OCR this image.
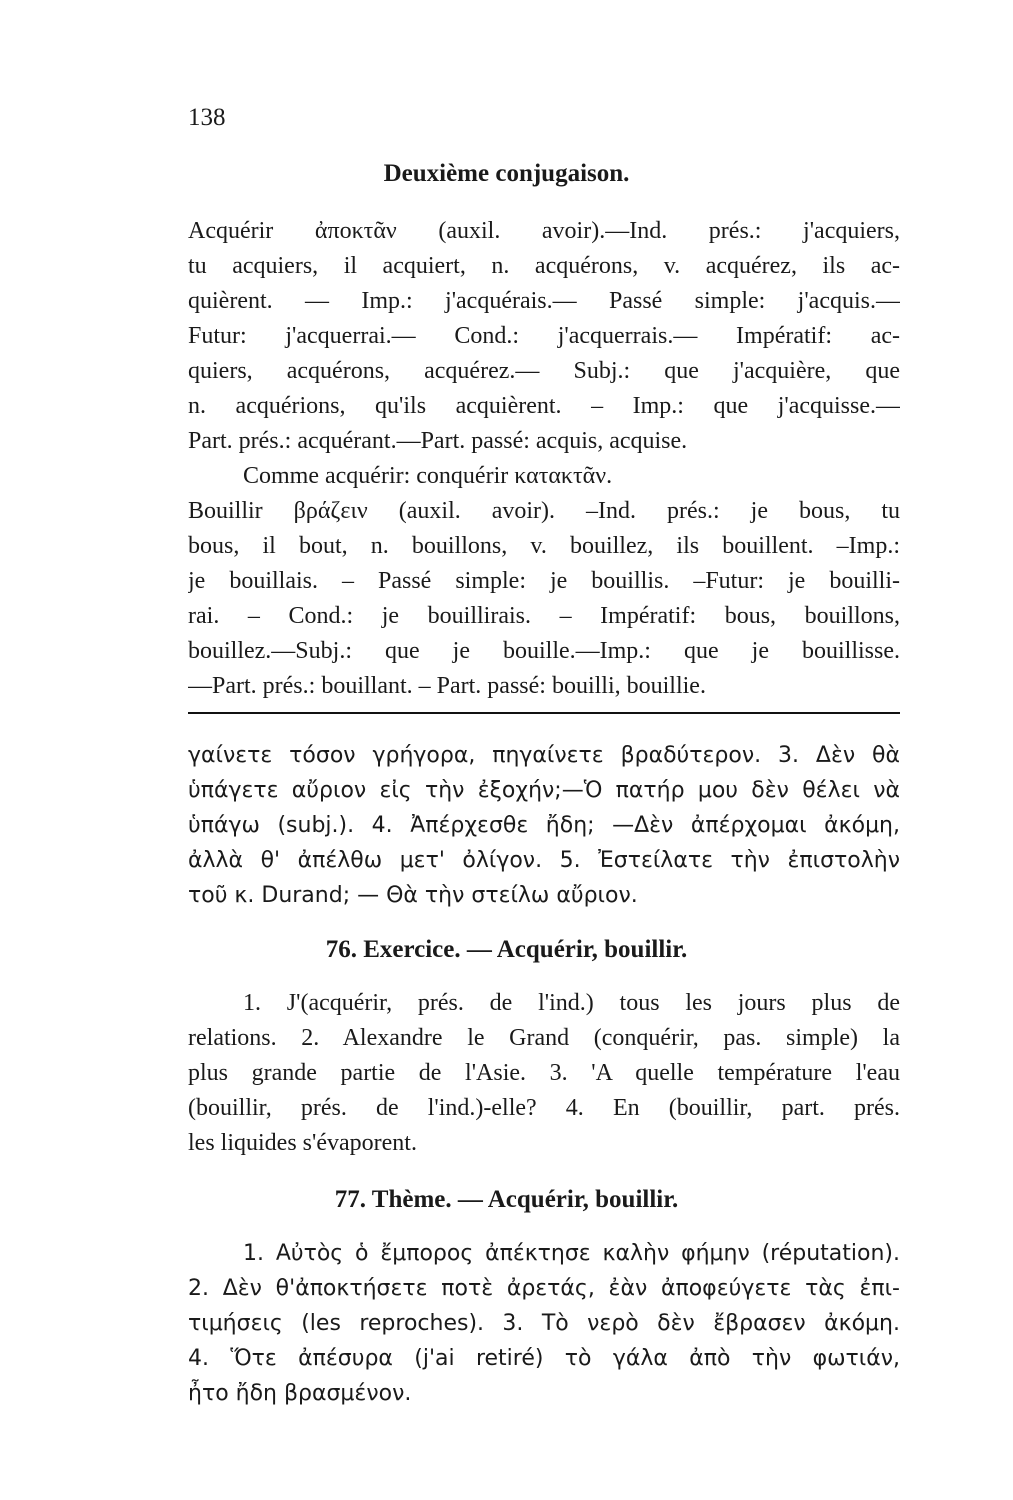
138
Deuxième conjugaison.
Acquérir ἀποκτᾶν (auxil. avoir).—Ind. prés.: j'acquiers,
tu acquiers, il acquiert, n. acquérons, v. acquérez, ils ac-
quièrent. — Imp.: j'acquérais.— Passé simple: j'acquis.—
Futur: j'acquerrai.— Cond.: j'acquerrais.— Impératif: ac-
quiers, acquérons, acquérez.— Subj.: que j'acquière, que
n. acquérions, qu'ils acquièrent. – Imp.: que j'acquisse.—
Part. prés.: acquérant.—Part. passé: acquis, acquise.
Comme acquérir: conquérir κατακτᾶν.
Bouillir βράζειν (auxil. avoir). –Ind. prés.: je bous, tu
bous, il bout, n. bouillons, v. bouillez, ils bouillent. –Imp.:
je bouillais. – Passé simple: je bouillis. –Futur: je bouilli-
rai. – Cond.: je bouillirais. – Impératif: bous, bouillons,
bouillez.—Subj.: que je bouille.—Imp.: que je bouillisse.
—Part. prés.: bouillant. – Part. passé: bouilli, bouillie.
γαίνετε τόσον γρήγορα, πηγαίνετε βραδύτερον. 3. Δὲν θὰ
ὑπάγετε αὔριον εἰς τὴν ἐξοχήν;—Ὁ πατήρ μου δὲν θέλει νὰ
ὑπάγω (subj.). 4. Ἀπέρχεσθε ἤδη; —Δὲν ἀπέρχομαι ἀκόμη,
ἀλλὰ θ' ἀπέλθω μετ' ὀλίγον. 5. Ἐστείλατε τὴν ἐπιστολὴν
τοῦ κ. Durand; — Θὰ τὴν στείλω αὔριον.
76. Exercice. — Acquérir, bouillir.
1. J'(acquérir, prés. de l'ind.) tous les jours plus de
relations. 2. Alexandre le Grand (conquérir, pas. simple) la
plus grande partie de l'Asie. 3. 'A quelle température l'eau
(bouillir, prés. de l'ind.)-elle? 4. En (bouillir, part. prés.
les liquides s'évaporent.
77. Thème. — Acquérir, bouillir.
1. Αὐτὸς ὁ ἔμπορος ἀπέκτησε καλὴν φήμην (réputation).
2. Δὲν θ'ἀποκτήσετε ποτὲ ἀρετάς, ἐὰν ἀποφεύγετε τὰς ἐπι-
τιμήσεις (les reproches). 3. Τὸ νερὸ δὲν ἔβρασεν ἀκόμη.
4. Ὅτε ἀπέσυρα (j'ai retiré) τὸ γάλα ἀπὸ τὴν φωτιάν,
ἦτο ἤδη βρασμένον.
